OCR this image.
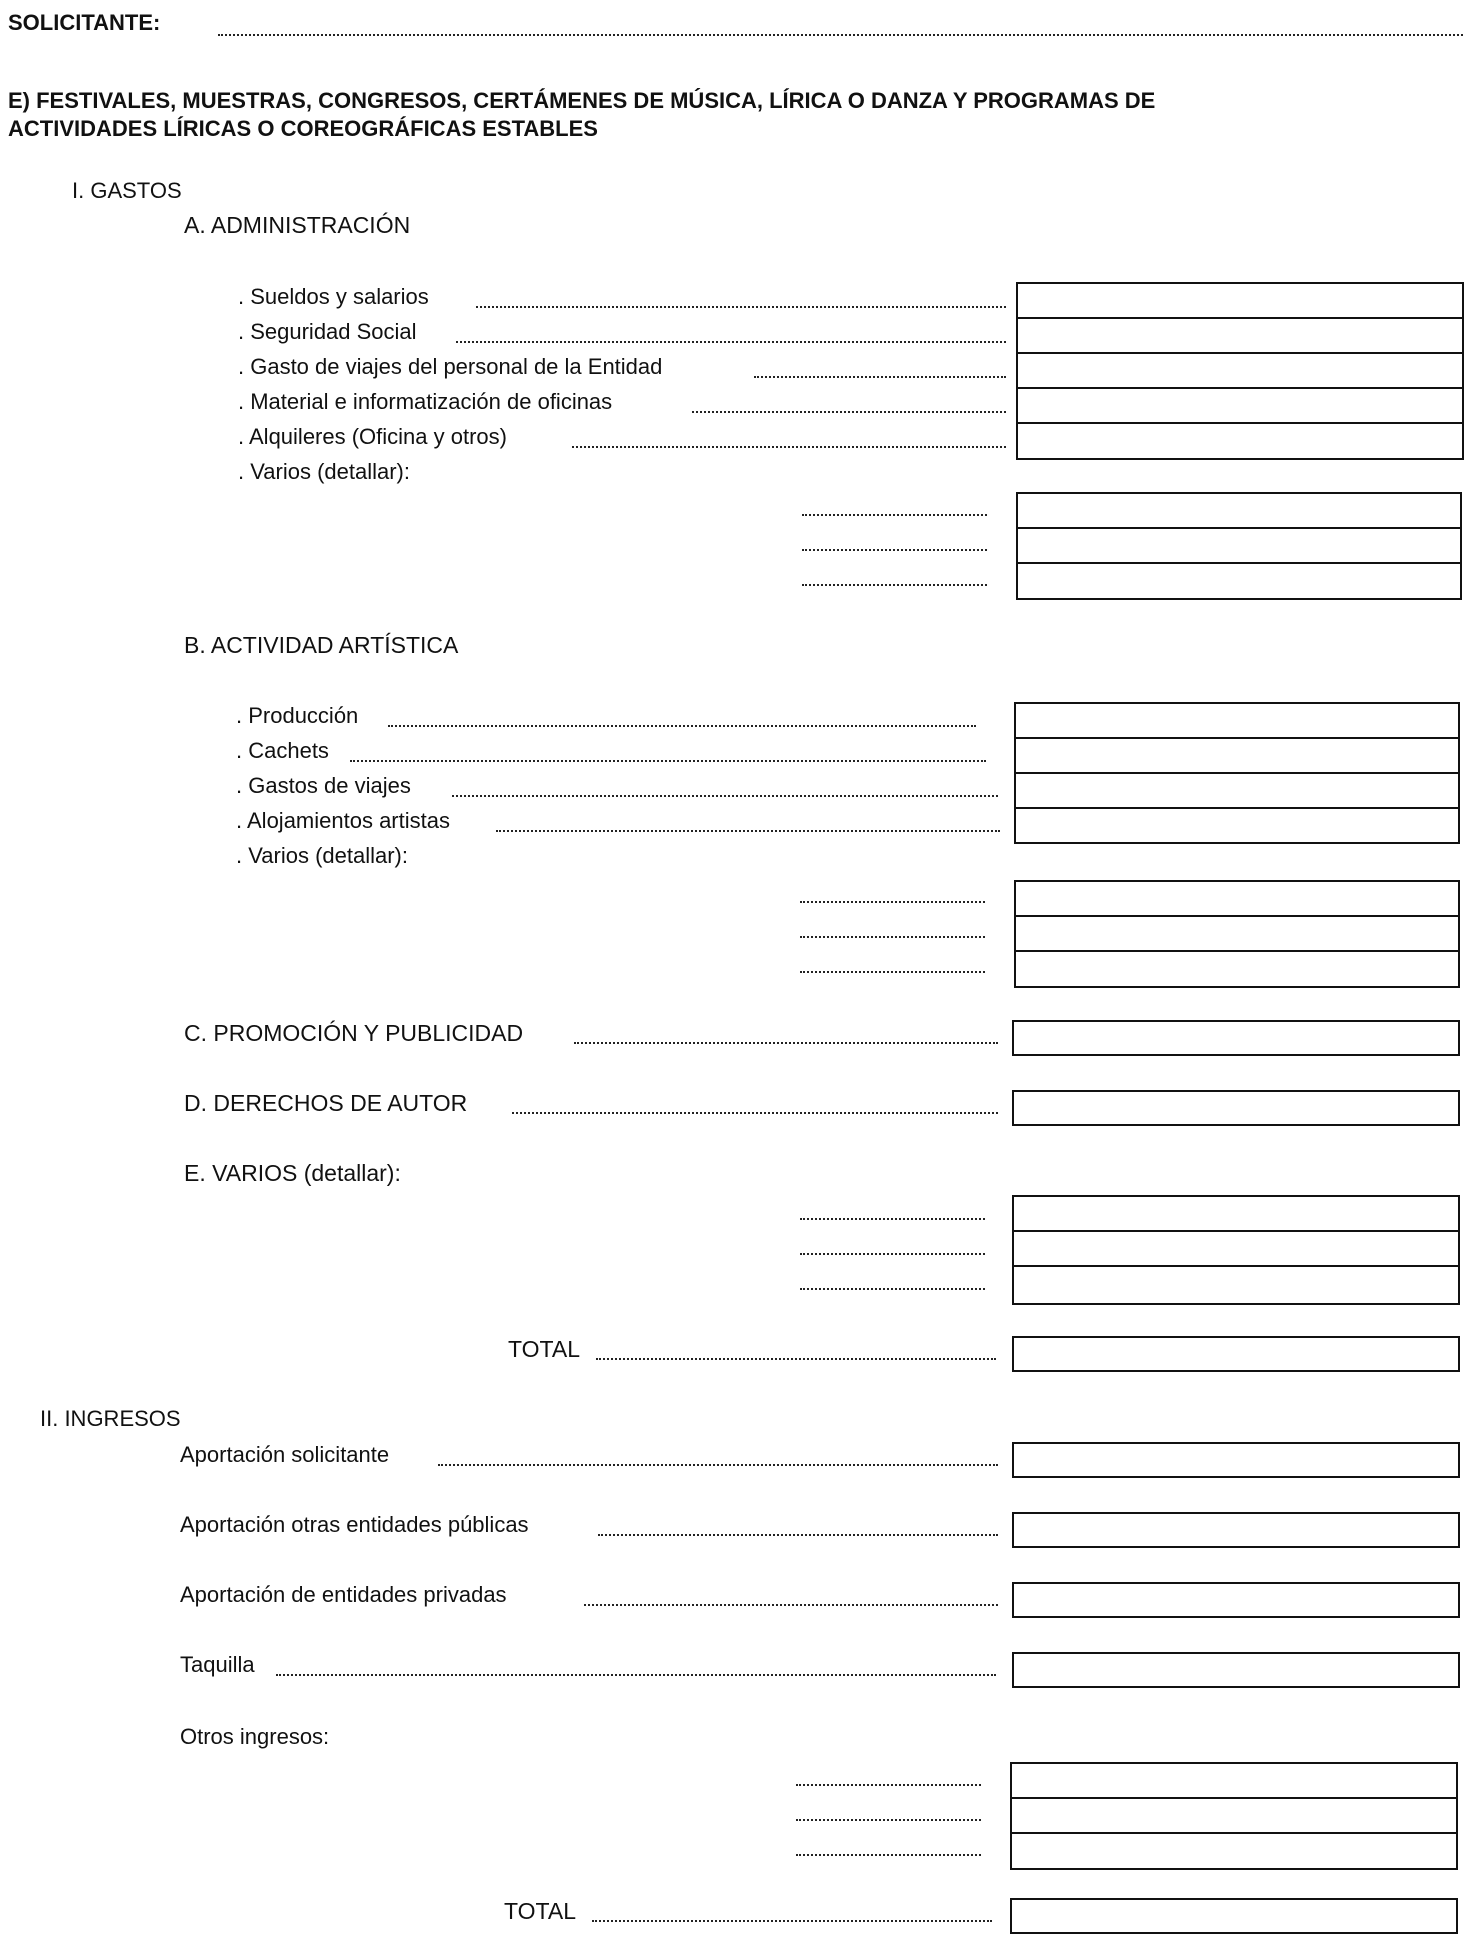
SOLICITANTE:
E) FESTIVALES, MUESTRAS, CONGRESOS, CERTÁMENES DE MÚSICA, LÍRICA O DANZA Y PROGRAMAS DE
ACTIVIDADES LÍRICAS O COREOGRÁFICAS ESTABLES
I. GASTOS
A. ADMINISTRACIÓN
. Sueldos y salarios
. Seguridad Social
. Gasto de viajes del personal de la Entidad
. Material e informatización de oficinas
. Alquileres (Oficina y otros)
. Varios (detallar):
B. ACTIVIDAD ARTÍSTICA
. Producción
. Cachets
. Gastos de viajes
. Alojamientos artistas
. Varios (detallar):
C. PROMOCIÓN Y PUBLICIDAD
D. DERECHOS DE AUTOR
E. VARIOS (detallar):
TOTAL
II. INGRESOS
Aportación solicitante
Aportación otras entidades públicas
Aportación de entidades privadas
Taquilla
Otros ingresos:
TOTAL
